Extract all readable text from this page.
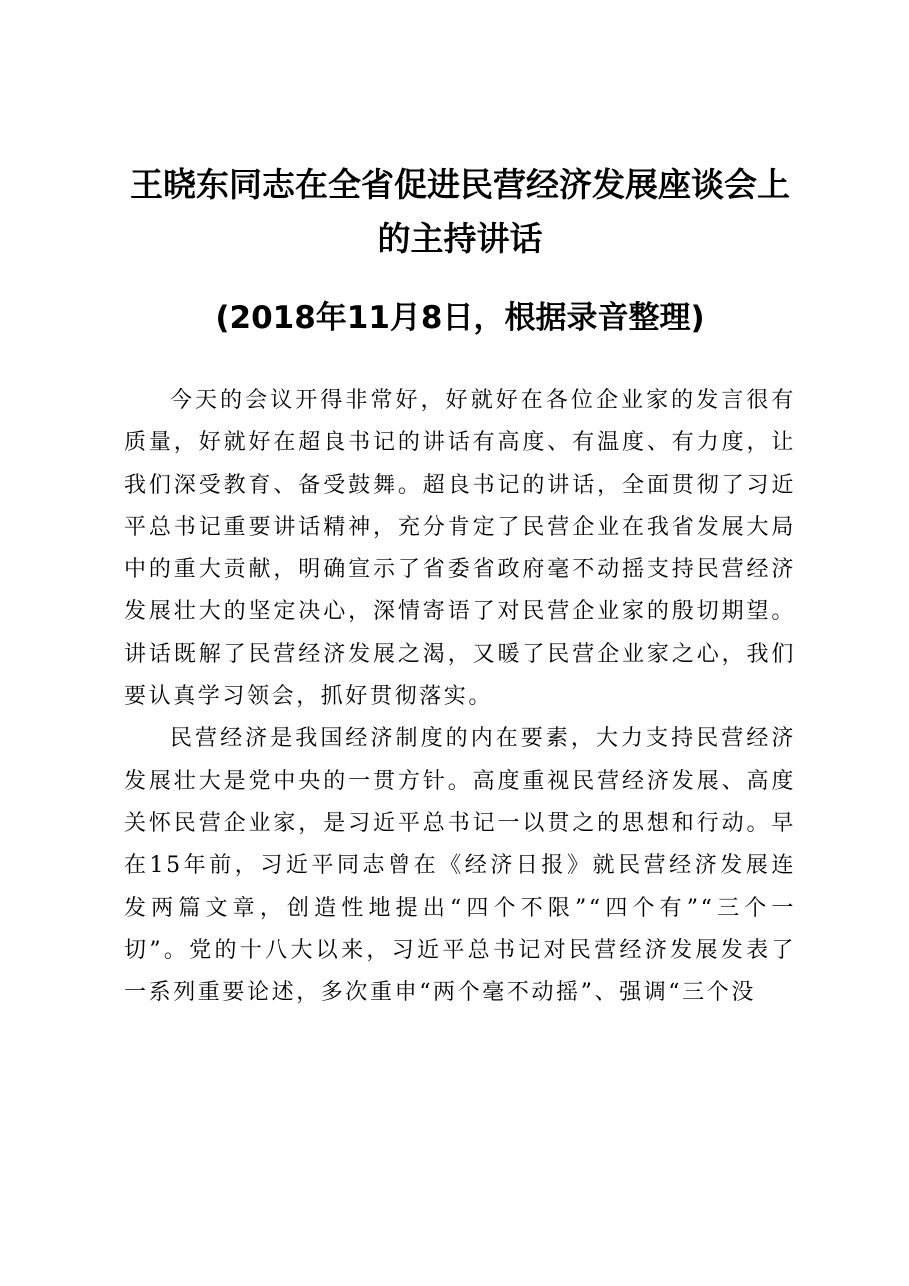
王晓东同志在全省促进民营经济发展座谈会上的主持讲话
(2018年11月8日，根据录音整理)

今天的会议开得非常好，好就好在各位企业家的发言很有质量，好就好在超良书记的讲话有高度、有温度、有力度，让我们深受教育、备受鼓舞。超良书记的讲话，全面贯彻了习近平总书记重要讲话精神，充分肯定了民营企业在我省发展大局中的重大贡献，明确宣示了省委省政府毫不动摇支持民营经济发展壮大的坚定决心，深情寄语了对民营企业家的殷切期望。讲话既解了民营经济发展之渴，又暖了民营企业家之心，我们要认真学习领会，抓好贯彻落实。

民营经济是我国经济制度的内在要素，大力支持民营经济发展壮大是党中央的一贯方针。高度重视民营经济发展、高度关怀民营企业家，是习近平总书记一以贯之的思想和行动。早在15年前，习近平同志曾在《经济日报》就民营经济发展连发两篇文章，创造性地提出“四个不限”“四个有”“三个一切”。党的十八大以来，习近平总书记对民营经济发展发表了一系列重要论述，多次重申“两个毫不动摇”、强调“三个没
